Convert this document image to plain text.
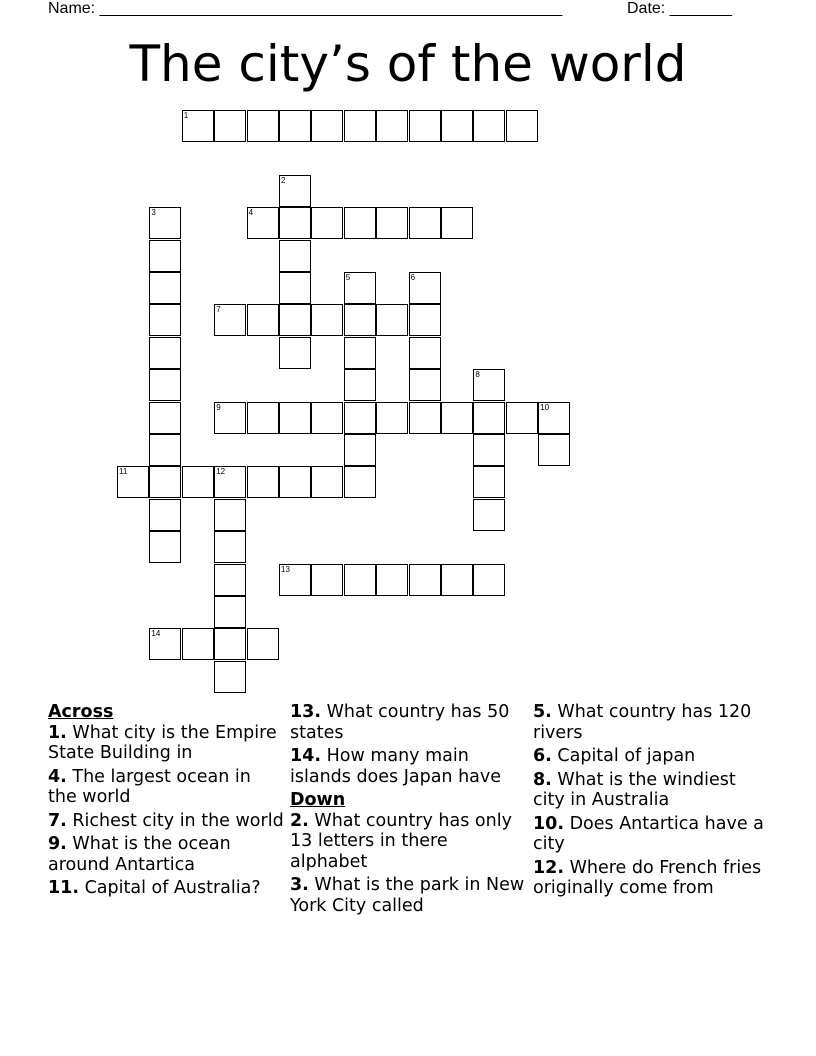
Name: ____________________________________________________	Date: _______
The city’s of the world
1
2
3	4
5	6
7
8
9	10
11	12
13
14
Across
1. What city is the Empire State Building in
4. The largest ocean in the world
7. Richest city in the world
9. What is the ocean around Antartica
11. Capital of Australia?
13. What country has 50 states
14. How many main islands does Japan have
Down
2. What country has only 13 letters in there alphabet
3. What is the park in New York City called
5. What country has 120 rivers
6. Capital of japan
8. What is the windiest city in Australia
10. Does Antartica have a city
12. Where do French fries originally come from
